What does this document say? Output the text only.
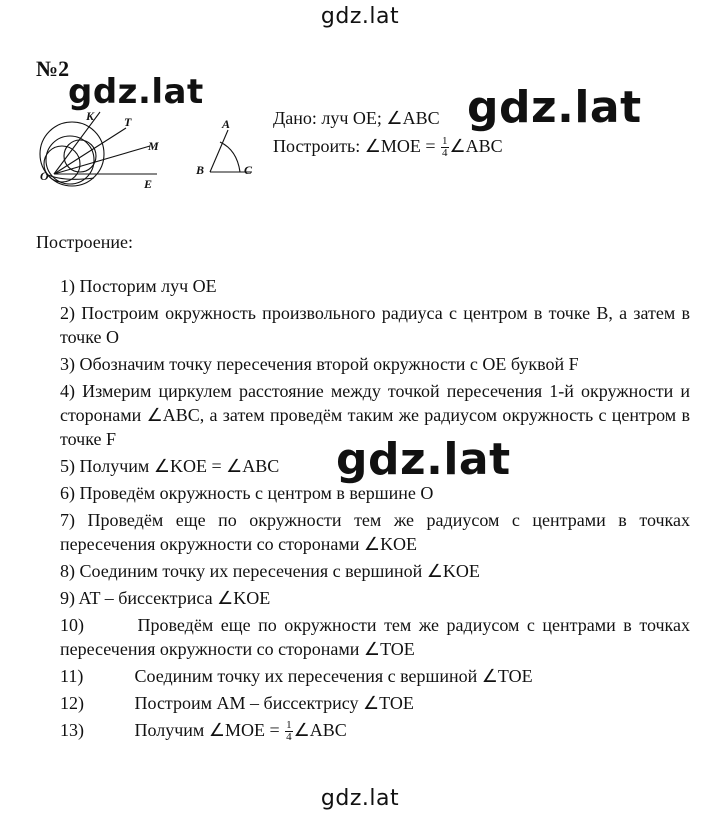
gdz.lat
№2
gdz.lat
K T
M
O
E
A
B	C
Дано: луч OE; ∠ABC
Построить: ∠MOE = $\frac{1}{4}$ ∠ABC
gdz.lat
Построение:
1) Посторим луч OE
2) Построим окружность произвольного радиуса с центром в точке B, а затем в точке O
3) Обозначим точку пересечения второй окружности с OE буквой F
4) Измерим циркулем расстояние между точкой пересечения 1-й окружности и сторонами ∠ABC, а затем проведём таким же радиусом окружность с центром в точке F
5) Получим ∠KOE = ∠ABC
6) Проведём окружность с центром в вершине O
7) Проведём еще по окружности тем же радиусом с центрами в точках пересечения окружности со сторонами ∠KOE
8) Соединим точку их пересечения с вершиной ∠KOE
9) AT – биссектриса ∠KOE
10)	Проведём еще по окружности тем же радиусом с центрами в точках пересечения окружности со сторонами ∠TOE
11)	Соединим точку их пересечения с вершиной ∠TOE
12)	Построим AM – биссектрису ∠TOE
13)	Получим ∠MOE = $\frac{1}{4}$ ∠ABC
gdz.lat
gdz.lat
